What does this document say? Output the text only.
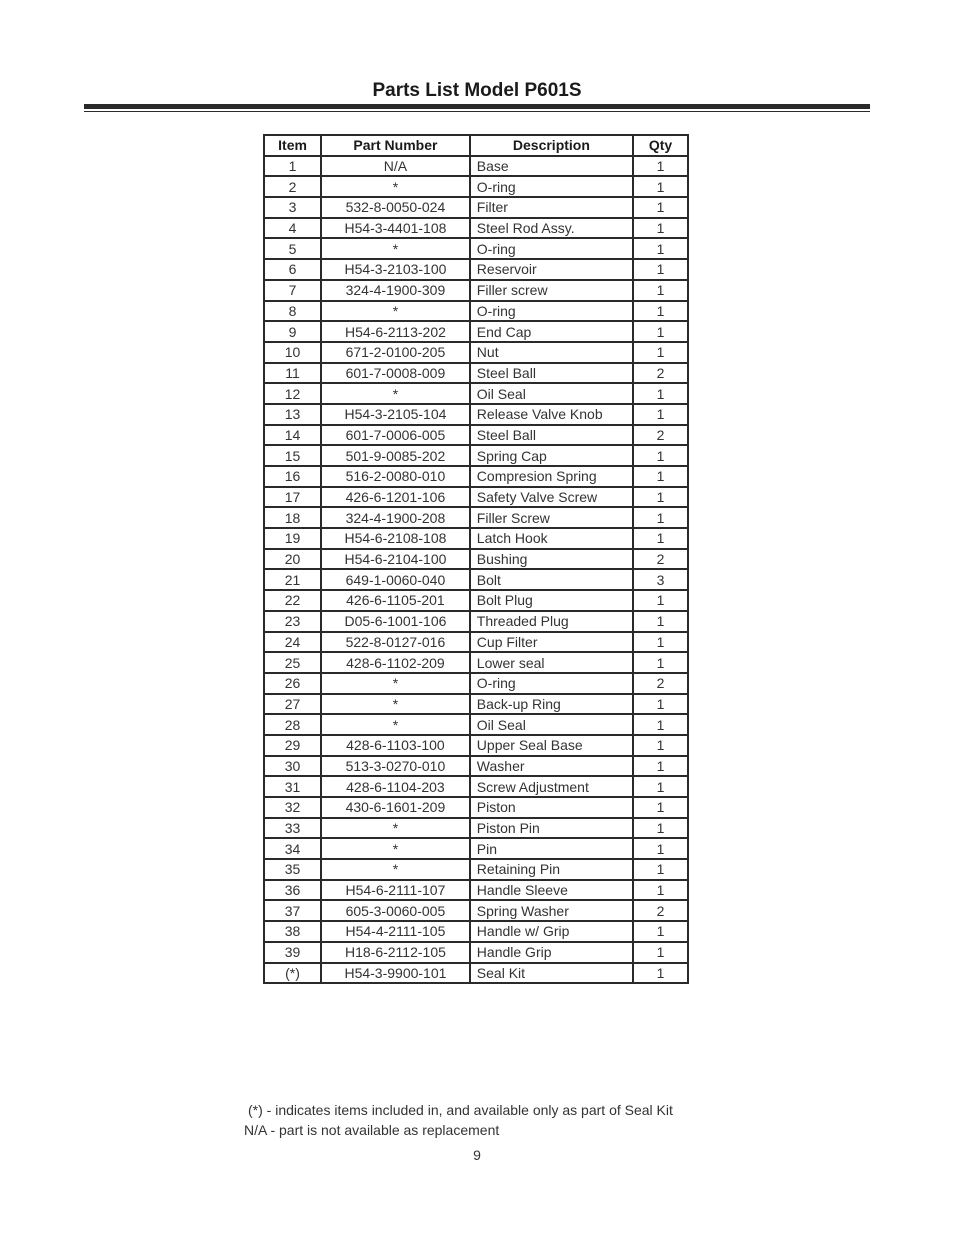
Parts List Model P601S
Item	Part Number	Description	Qty
1	N/A	Base	1
2	*	O-ring	1
3	532-8-0050-024	Filter	1
4	H54-3-4401-108	Steel Rod Assy.	1
5	*	O-ring	1
6	H54-3-2103-100	Reservoir	1
7	324-4-1900-309	Filler screw	1
8	*	O-ring	1
9	H54-6-2113-202	End Cap	1
10	671-2-0100-205	Nut	1
11	601-7-0008-009	Steel Ball	2
12	*	Oil Seal	1
13	H54-3-2105-104	Release Valve Knob	1
14	601-7-0006-005	Steel Ball	2
15	501-9-0085-202	Spring Cap	1
16	516-2-0080-010	Compresion Spring	1
17	426-6-1201-106	Safety Valve Screw	1
18	324-4-1900-208	Filler Screw	1
19	H54-6-2108-108	Latch Hook	1
20	H54-6-2104-100	Bushing	2
21	649-1-0060-040	Bolt	3
22	426-6-1105-201	Bolt Plug	1
23	D05-6-1001-106	Threaded Plug	1
24	522-8-0127-016	Cup Filter	1
25	428-6-1102-209	Lower seal	1
26	*	O-ring	2
27	*	Back-up Ring	1
28	*	Oil Seal	1
29	428-6-1103-100	Upper Seal Base	1
30	513-3-0270-010	Washer	1
31	428-6-1104-203	Screw Adjustment	1
32	430-6-1601-209	Piston	1
33	*	Piston Pin	1
34	*	Pin	1
35	*	Retaining Pin	1
36	H54-6-2111-107	Handle Sleeve	1
37	605-3-0060-005	Spring Washer	2
38	H54-4-2111-105	Handle w/ Grip	1
39	H18-6-2112-105	Handle Grip	1
(*)	H54-3-9900-101	Seal Kit	1
(*) - indicates items included in, and available only as part of Seal Kit
N/A - part is not available as replacement
9
